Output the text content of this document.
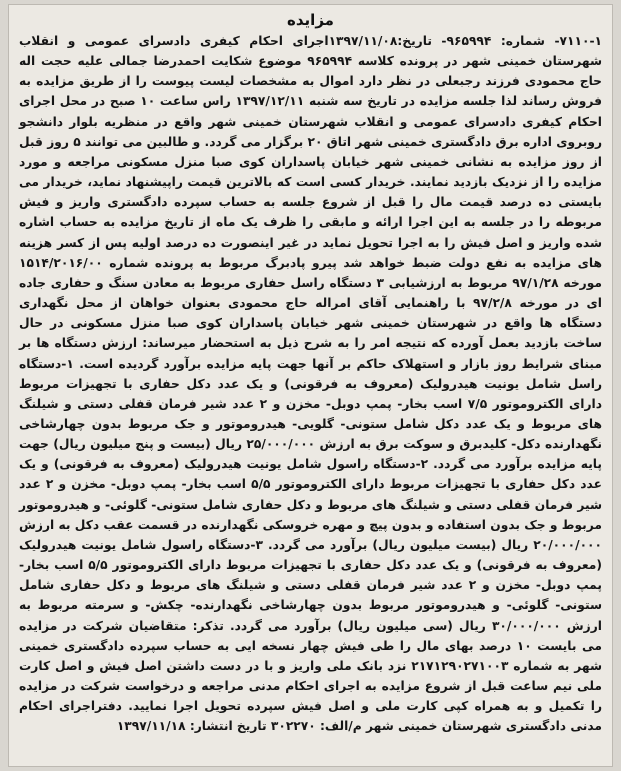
مزایده

۷۱۱۰-۱- شماره: ۹۶۵۹۹۴- تاریخ:۱۳۹۷/۱۱/۰۸اجرای احکام کیفری دادسرای عمومی و انقلاب شهرستان خمینی شهر در پرونده کلاسه ۹۶۵۹۹۴ موضوع شکایت احمدرضا جمالی علیه حجت اله حاج محمودی فرزند رجبعلی در نظر دارد اموال به مشخصات لیست پیوست را از طریق مزایده به فروش رساند لذا جلسه مزایده در تاریخ سه شنبه ۱۳۹۷/۱۲/۱۱ راس ساعت ۱۰ صبح در محل اجرای احکام کیفری دادسرای عمومی و انقلاب شهرستان خمینی شهر واقع در منظریه بلوار دانشجو روبروی اداره برق دادگستری خمینی شهر اتاق ۲۰ برگزار می گردد. و طالبین می توانند ۵ روز قبل از روز مزایده به نشانی خمینی شهر خیابان پاسداران کوی صبا منزل مسکونی مراجعه و مورد مزایده را از نزدیک بازدید نمایند. خریدار کسی است که بالاترین قیمت راپیشنهاد نماید، خریدار می بایستی ده درصد قیمت مال را قبل از شروع جلسه به حساب سپرده دادگستری واریز و فیش مربوطه را در جلسه به این اجرا ارائه و مابقی را ظرف یک ماه از تاریخ مزایده به حساب اشاره شده واریز و اصل فیش را به اجرا تحویل نماید در غیر اینصورت ده درصد اولیه پس از کسر هزینه های مزایده به نفع دولت ضبط خواهد شد پیرو پادبرگ مربوط به پرونده شماره ۱۵۱۴/۲۰۱۶/۰۰ مورخه ۹۷/۱/۲۸ مربوط به ارزشیابی ۳ دستگاه راسل حفاری مربوط به معادن سنگ و حفاری جاده ای در مورخه ۹۷/۲/۸ با راهنمایی آقای امراله حاج محمودی بعنوان خواهان از محل نگهداری دستگاه ها واقع در شهرستان خمینی شهر خیابان پاسداران کوی صبا منزل مسکونی در حال ساخت بازدید بعمل آورده که نتیجه امر را به شرح ذیل به استحضار میرساند: ارزش دستگاه ها بر مبنای شرایط روز بازار و استهلاک حاکم بر آنها جهت پایه مزایده برآورد گردیده است. ۱-دستگاه راسل شامل یونیت هیدرولیک (معروف به فرقونی) و یک عدد دکل حفاری با تجهیزات مربوط دارای الکتروموتور ۷/۵ اسب بخار- پمپ دوبل- مخزن و ۲ عدد شیر فرمان قفلی دستی و شیلنگ های مربوط و یک عدد دکل شامل ستونی- گلویی- هیدروموتور و جک مربوط بدون چهارشاخی نگهدارنده دکل- کلیدبرق و سوکت برق به ارزش ۲۵/۰۰۰/۰۰۰ ریال (بیست و پنج میلیون ریال) جهت پایه مزایده برآورد می گردد. ۲-دستگاه راسول شامل یونیت هیدرولیک (معروف به فرقونی) و یک عدد دکل حفاری با تجهیزات مربوط دارای الکتروموتور ۵/۵ اسب بخار- پمپ دوبل- مخزن و ۲ عدد شیر فرمان قفلی دستی و شیلنگ های مربوط و دکل حفاری شامل ستونی- گلوئی- و هیدروموتور مربوط و جک بدون استفاده و بدون پیچ و مهره خروسکی نگهدارنده در قسمت عقب دکل به ارزش ۲۰/۰۰۰/۰۰۰ ریال (بیست میلیون ریال) برآورد می گردد. ۳-دستگاه راسول شامل یونیت هیدرولیک (معروف به فرقونی) و یک عدد دکل حفاری با تجهیزات مربوط دارای الکتروموتور ۵/۵ اسب بخار- پمپ دوبل- مخزن و ۲ عدد شیر فرمان قفلی دستی و شیلنگ های مربوط و دکل حفاری شامل ستونی- گلوئی- و هیدروموتور مربوط بدون چهارشاخی نگهدارنده- چکش- و سرمته مربوط به ارزش ۳۰/۰۰۰/۰۰۰ ریال (سی میلیون ریال) برآورد می گردد. تذکر: متقاضیان شرکت در مزایده می بایست ۱۰ درصد بهای مال را طی فیش چهار نسخه ایی به حساب سپرده دادگستری خمینی شهر به شماره ۲۱۷۱۲۹۰۲۷۱۰۰۳ نزد بانک ملی واریز و با در دست داشتن اصل فیش و اصل کارت ملی نیم ساعت قبل از شروع مزایده به اجرای احکام مدنی مراجعه و درخواست شرکت در مزایده را تکمیل و به همراه کپی کارت ملی و اصل فیش سپرده تحویل اجرا نمایید. دفتراجرای احکام مدنی دادگستری شهرستان خمینی شهر م/الف: ۳۰۲۲۷۰ تاریخ انتشار: ۱۳۹۷/۱۱/۱۸
